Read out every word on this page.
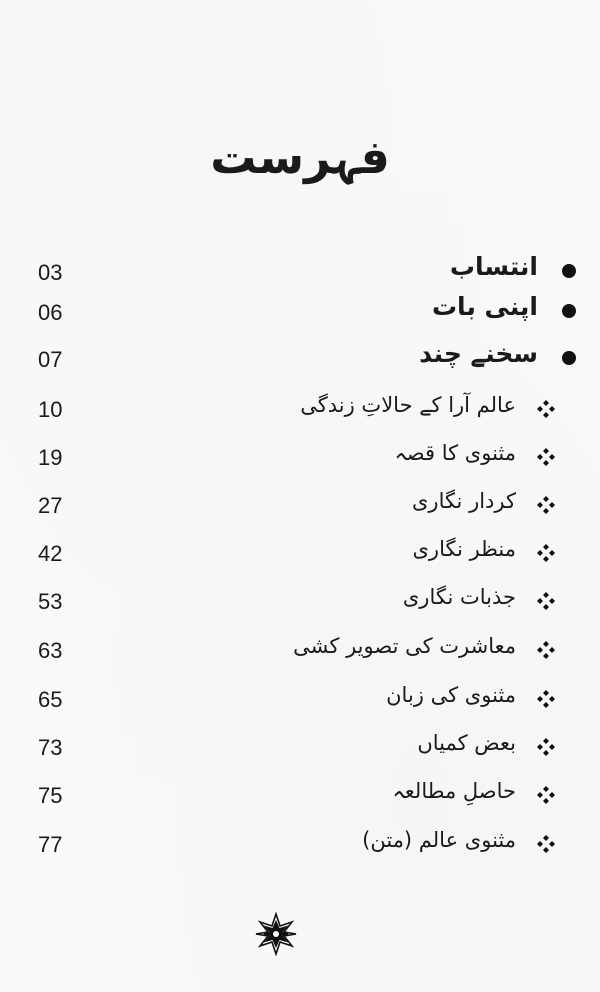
فہرست
03	انتساب
06	اپنی بات
07	سخنے چند
10	عالم آرا کے حالاتِ زندگی
19	مثنوی کا قصہ
27	کردار نگاری
42	منظر نگاری
53	جذبات نگاری
63	معاشرت کی تصویر کشی
65	مثنوی کی زبان
73	بعض کمیاں
75	حاصلِ مطالعہ
77	مثنوی عالم (متن)
